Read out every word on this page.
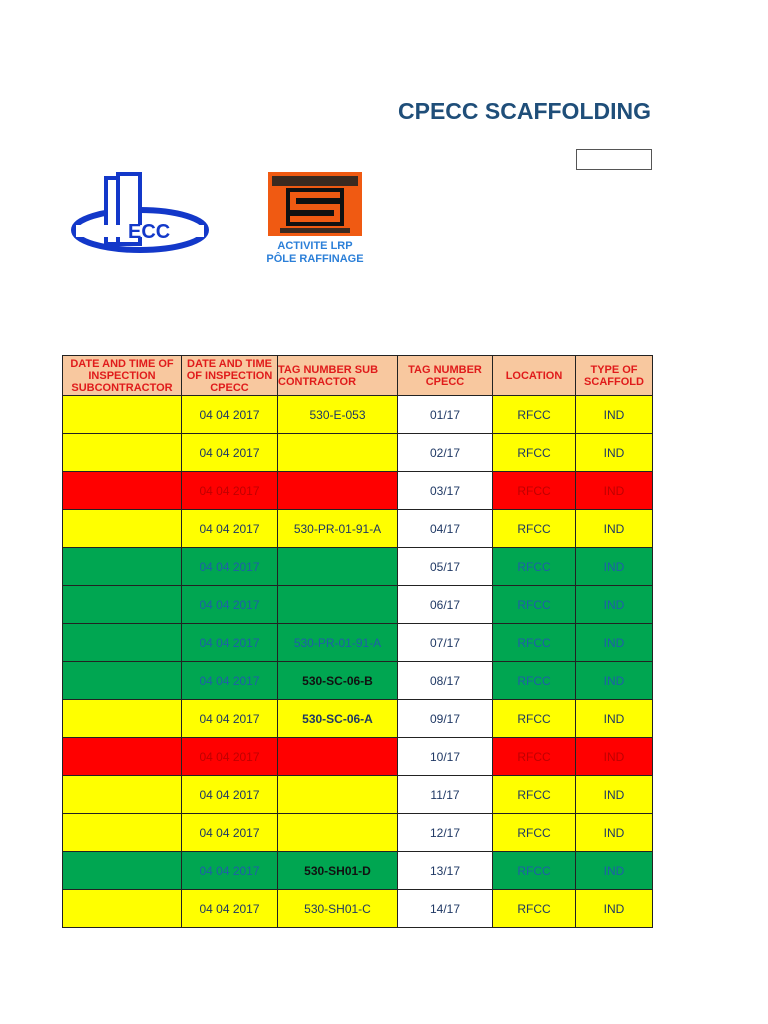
CPECC SCAFFOLDING
ECC
ACTIVITE LRP
PÔLE RAFFINAGE
DATE AND TIME OF INSPECTION SUBCONTRACTOR	DATE AND TIME OF INSPECTION CPECC	TAG NUMBER SUB CONTRACTOR	TAG NUMBER CPECC	LOCATION	TYPE OF SCAFFOLD
	04 04 2017	530-E-053	01/17	RFCC	IND
	04 04 2017		02/17	RFCC	IND
	04 04 2017		03/17	RFCC	IND
	04 04 2017	530-PR-01-91-A	04/17	RFCC	IND
	04 04 2017		05/17	RFCC	IND
	04 04 2017		06/17	RFCC	IND
	04 04 2017	530-PR-01-91-A	07/17	RFCC	IND
	04 04 2017	530-SC-06-B	08/17	RFCC	IND
	04 04 2017	530-SC-06-A	09/17	RFCC	IND
	04 04 2017		10/17	RFCC	IND
	04 04 2017		11/17	RFCC	IND
	04 04 2017		12/17	RFCC	IND
	04 04 2017	530-SH01-D	13/17	RFCC	IND
	04 04 2017	530-SH01-C	14/17	RFCC	IND
